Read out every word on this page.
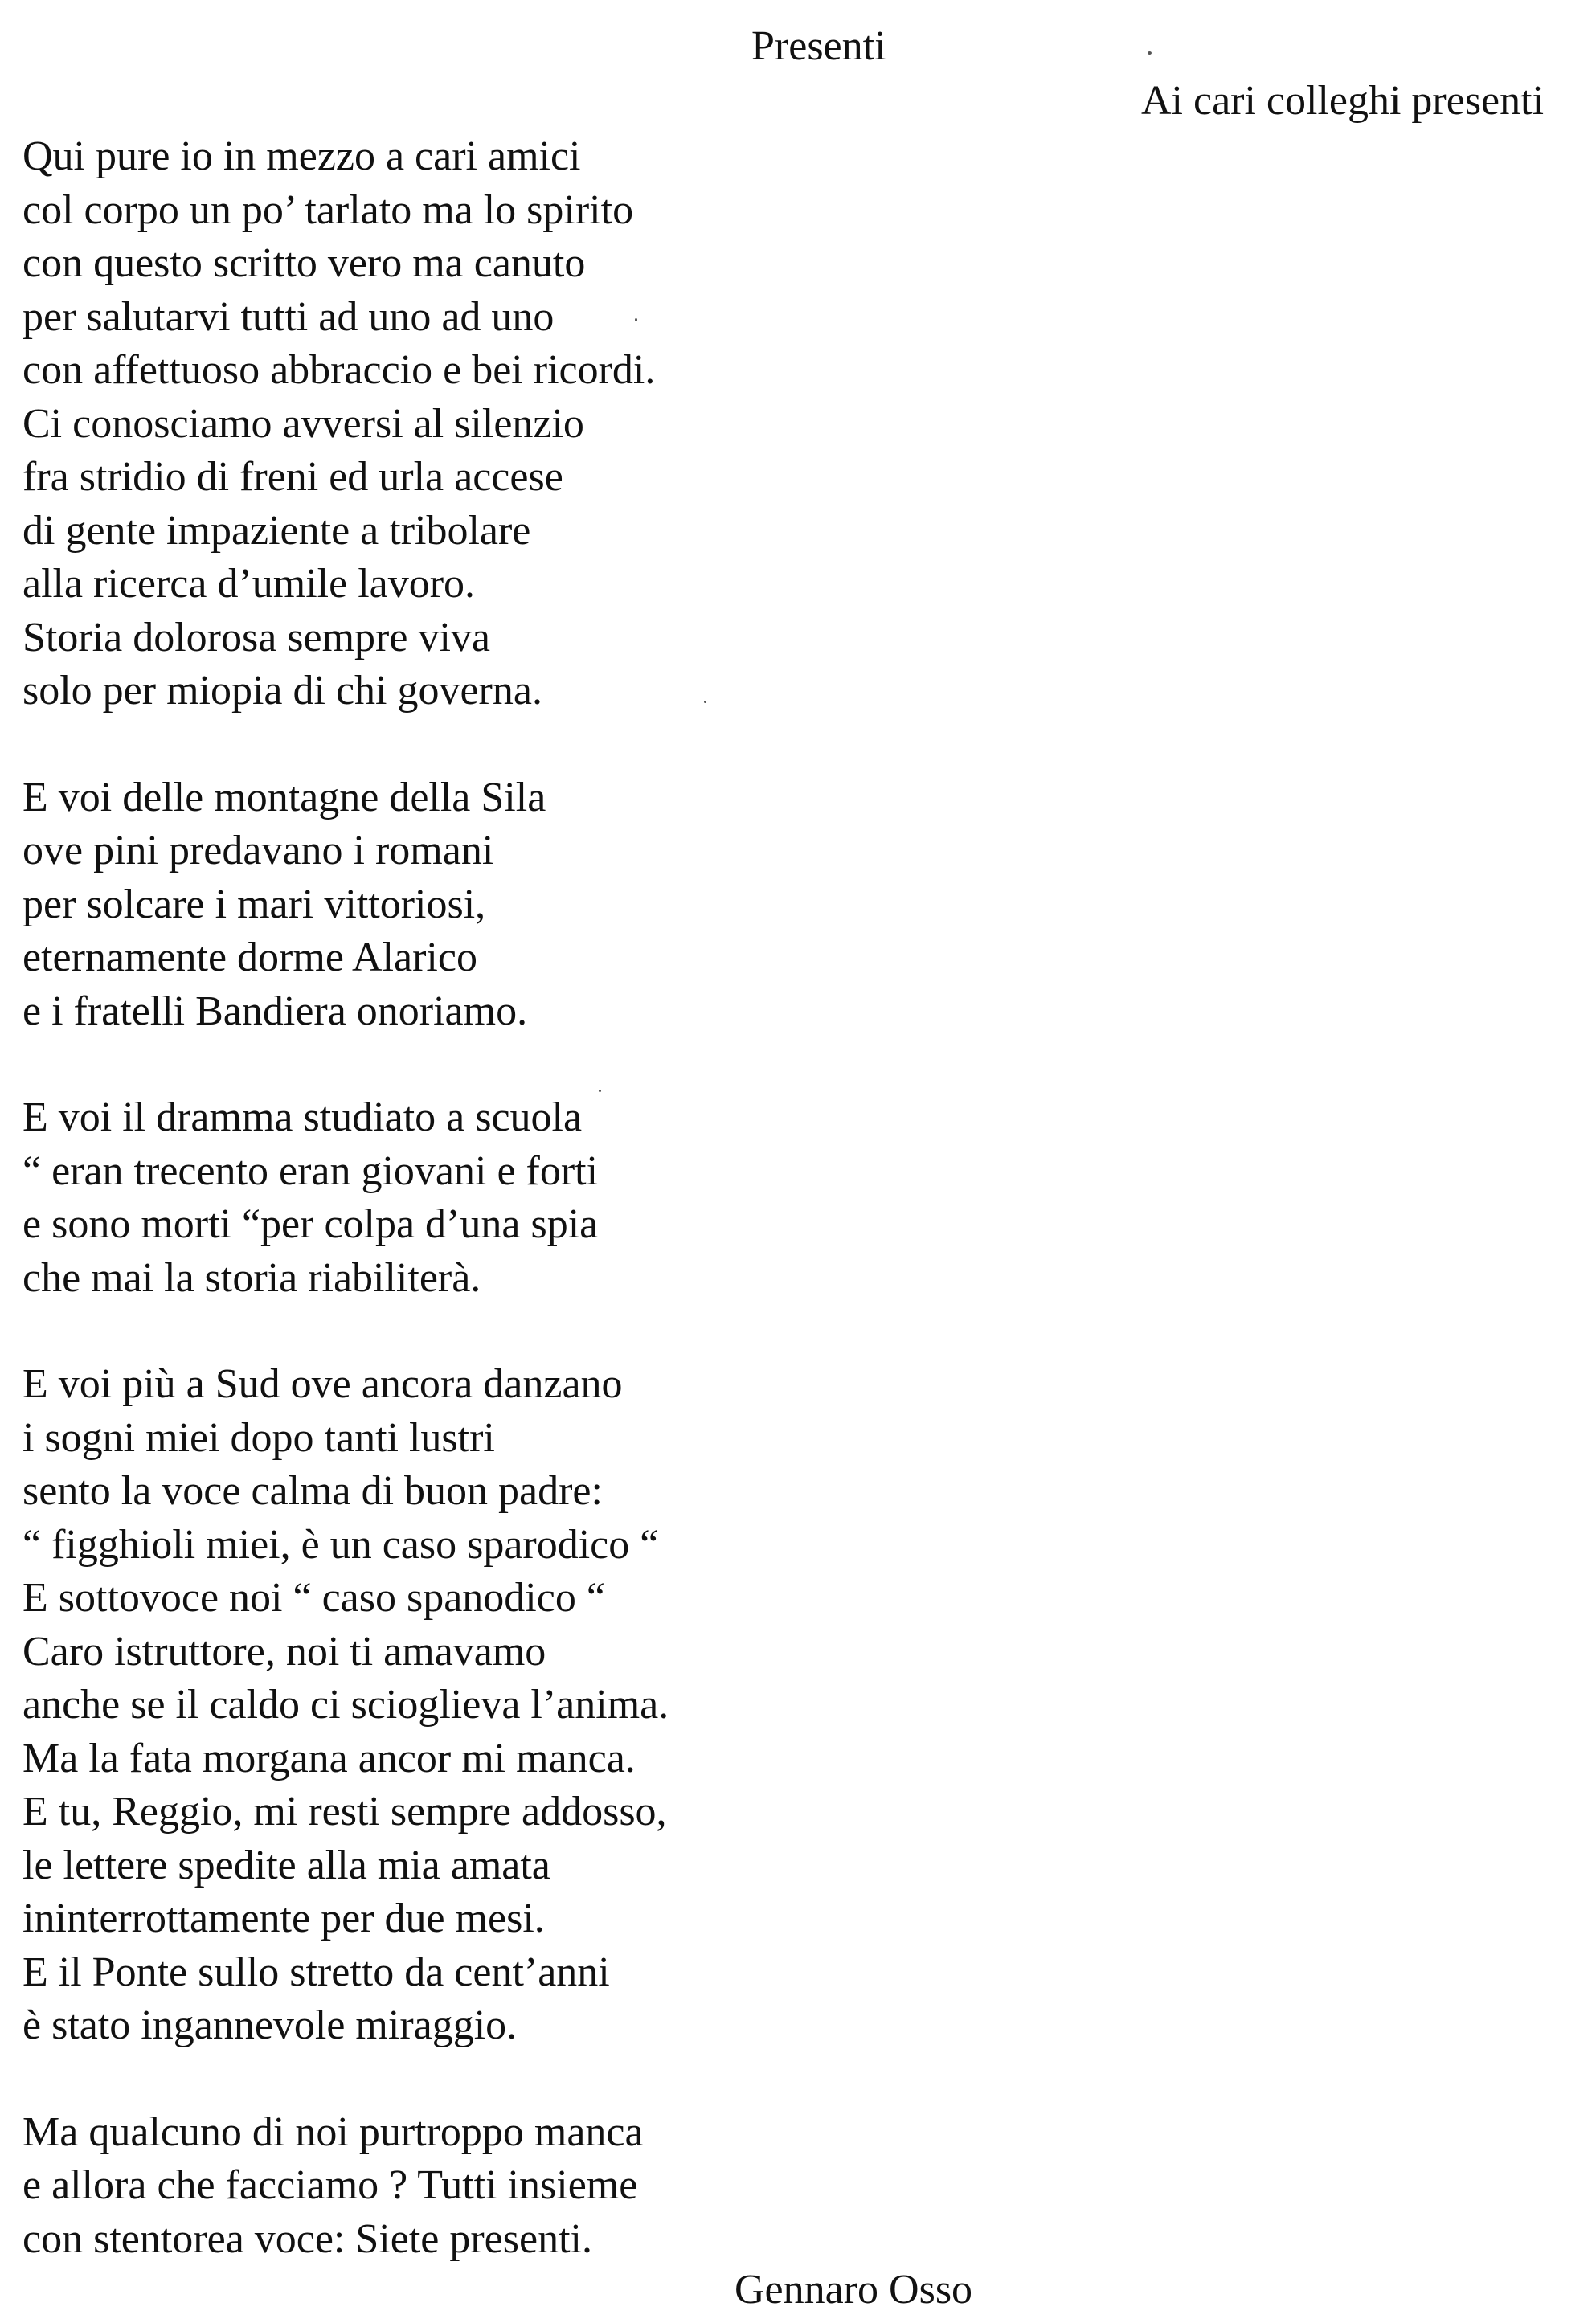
Presenti
Ai cari colleghi presenti
Qui pure io in mezzo a cari amici
col corpo un po’ tarlato ma lo spirito
con questo scritto vero ma canuto
per salutarvi tutti ad uno ad uno
con affettuoso abbraccio e bei ricordi.
Ci conosciamo avversi al silenzio
fra stridio di freni ed urla accese
di gente impaziente a tribolare
alla ricerca d’umile lavoro.
Storia dolorosa sempre viva
solo per miopia di chi governa.
E voi delle montagne della Sila
ove pini predavano i romani
per solcare i mari vittoriosi,
eternamente dorme Alarico
e i fratelli Bandiera onoriamo.
E voi il dramma studiato a scuola
“ eran trecento eran giovani e forti
e sono morti “per colpa d’una spia
che mai la storia riabiliterà.
E voi più a Sud ove ancora danzano
i sogni miei dopo tanti lustri
sento la voce calma di buon padre:
“ figghioli miei, è un caso sparodico “
E sottovoce noi “ caso spanodico “
Caro istruttore, noi ti amavamo
anche se il caldo ci scioglieva l’anima.
Ma la fata morgana ancor mi manca.
E tu, Reggio, mi resti sempre addosso,
le lettere spedite alla mia amata
ininterrottamente per due mesi.
E il Ponte sullo stretto da cent’anni
è stato ingannevole miraggio.
Ma qualcuno di noi purtroppo manca
e allora che facciamo ? Tutti insieme
con stentorea voce: Siete presenti.
Gennaro Osso
